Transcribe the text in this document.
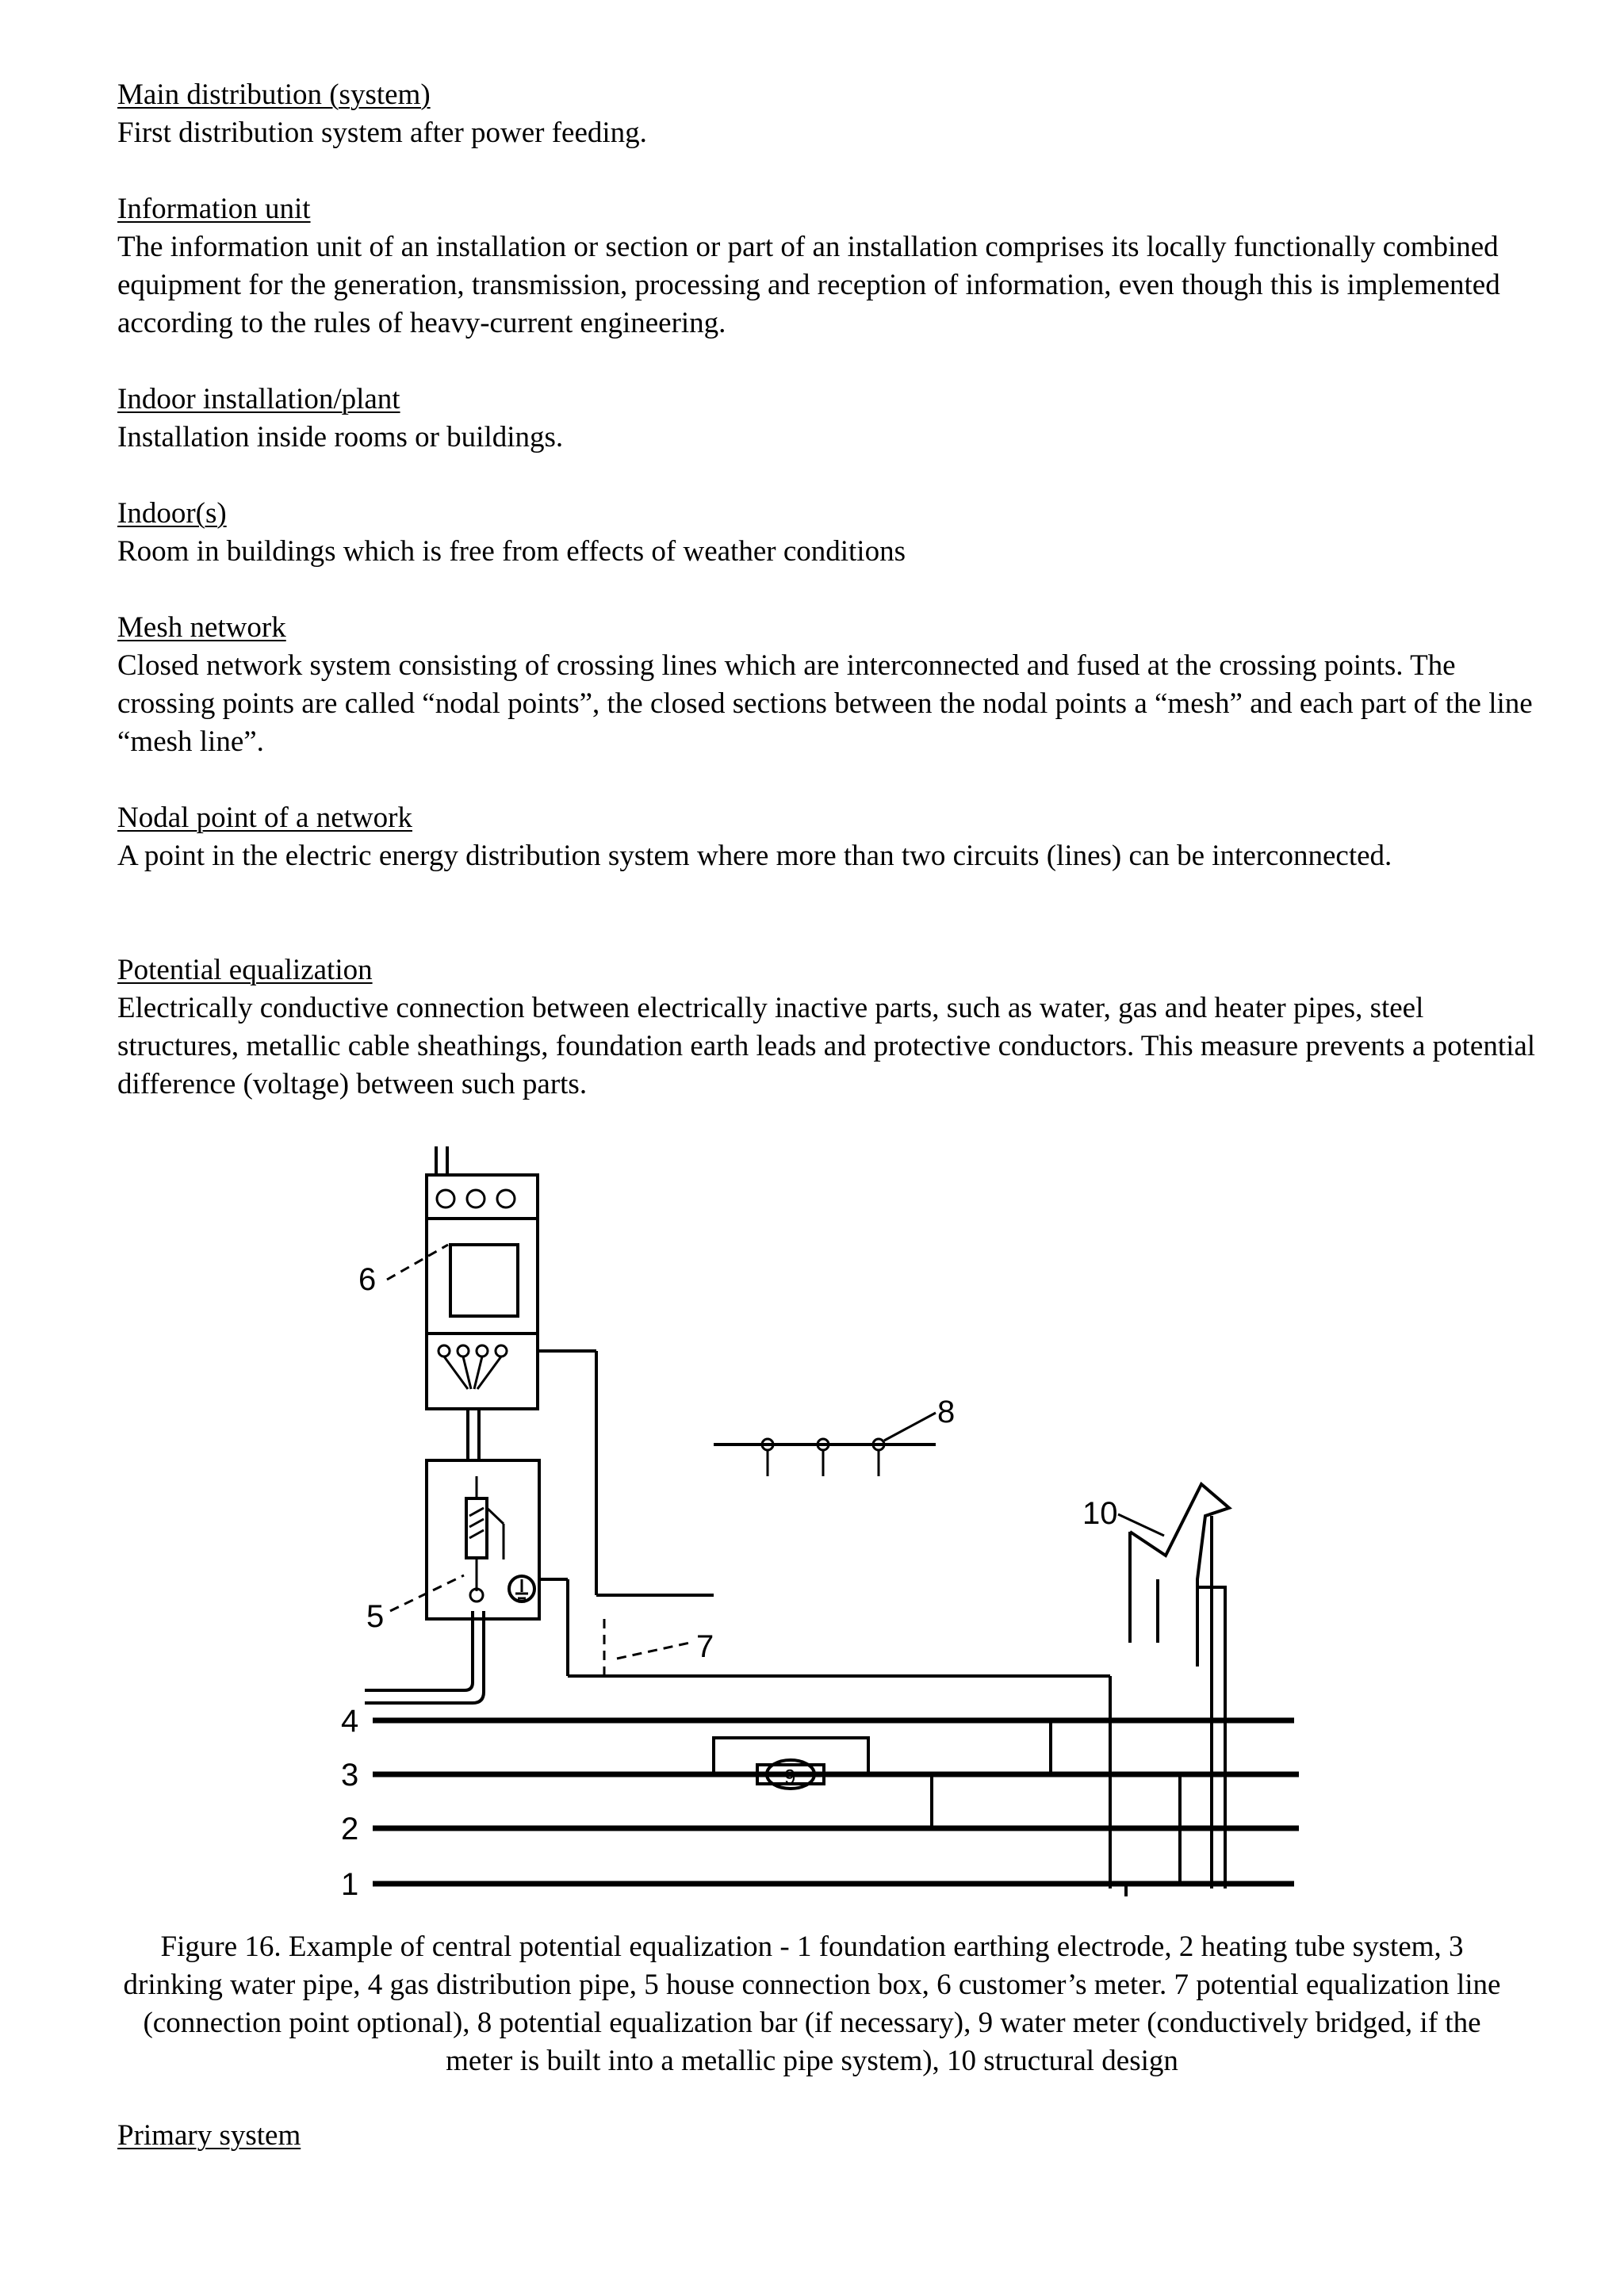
Main distribution (system)
First distribution system after power feeding.
Information unit
The information unit of an installation or section or part of an installation comprises its locally functionally combined equipment for the generation, transmission, processing and reception of information, even though this is implemented according to the rules of heavy-current engineering.
Indoor installation/plant
Installation inside rooms or buildings.
Indoor(s)
Room in buildings which is free from effects of weather conditions
Mesh network
Closed network system consisting of crossing lines which are interconnected and fused at the crossing points. The crossing points are called “nodal points”, the closed sections between the nodal points a “mesh” and each part of the line “mesh line”.
Nodal point of a network
A point in the electric energy distribution system where more than two circuits (lines) can be interconnected.
Potential equalization
Electrically conductive connection between electrically inactive parts, such as water, gas and heater pipes, steel structures, metallic cable sheathings, foundation earth leads and protective conductors. This measure prevents a potential difference (voltage) between such parts.
9
6
5
7
8
10
4
3
2
1
Figure 16. Example of central potential equalization - 1 foundation earthing electrode, 2 heating tube system, 3 drinking water pipe, 4 gas distribution pipe, 5 house connection box, 6 customer’s meter. 7 potential equalization line (connection point optional), 8 potential equalization bar (if necessary), 9 water meter (conductively bridged, if the meter is built into a metallic pipe system), 10 structural design
Primary system
